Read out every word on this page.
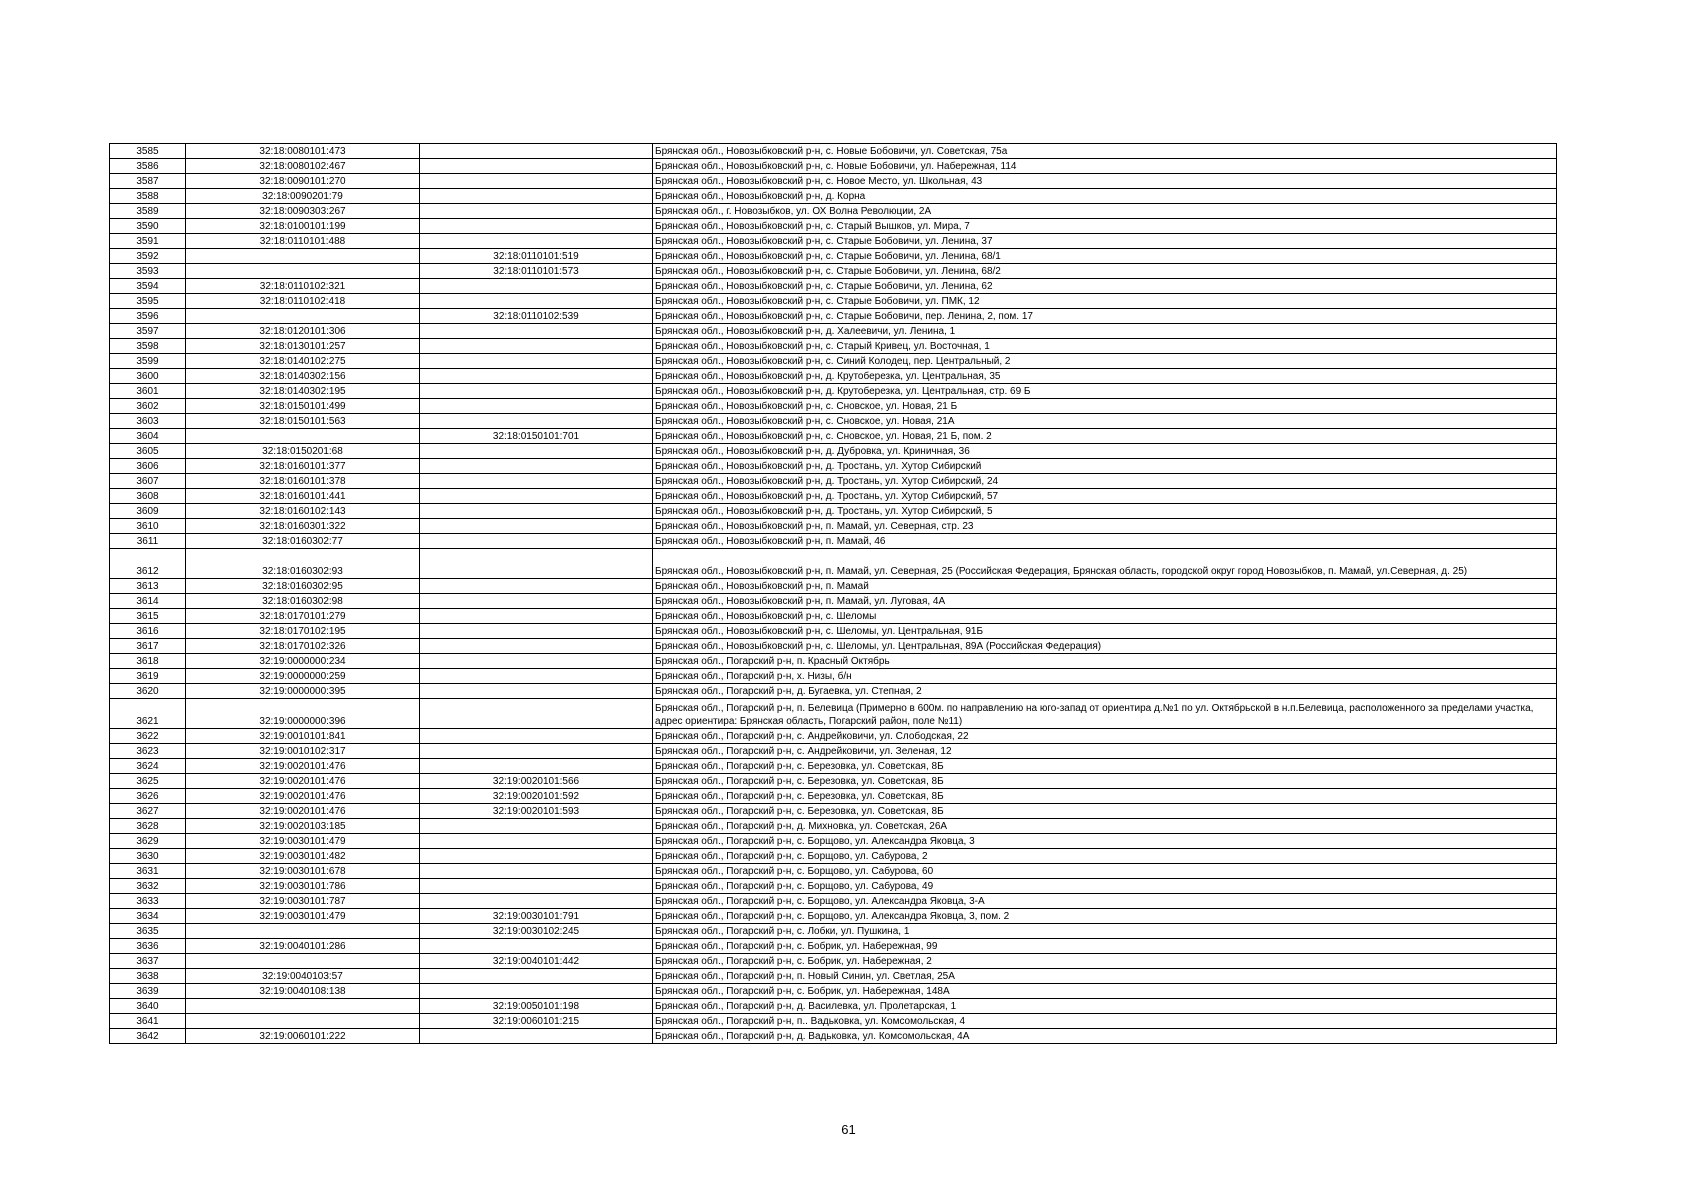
3585	32:18:0080101:473		Брянская обл., Новозыбковский р-н, с. Новые Бобовичи, ул. Советская, 75а
3586	32:18:0080102:467		Брянская обл., Новозыбковский р-н, с. Новые Бобовичи, ул. Набережная, 114
3587	32:18:0090101:270		Брянская обл., Новозыбковский р-н, с. Новое Место, ул. Школьная, 43
3588	32:18:0090201:79		Брянская обл., Новозыбковский р-н, д. Корна
3589	32:18:0090303:267		Брянская обл., г. Новозыбков, ул. ОХ Волна Революции, 2А
3590	32:18:0100101:199		Брянская обл., Новозыбковский р-н, с. Старый Вышков, ул. Мира, 7
3591	32:18:0110101:488		Брянская обл., Новозыбковский р-н, с. Старые Бобовичи, ул. Ленина, 37
3592		32:18:0110101:519	Брянская обл., Новозыбковский р-н, с. Старые Бобовичи, ул. Ленина, 68/1
3593		32:18:0110101:573	Брянская обл., Новозыбковский р-н, с. Старые Бобовичи, ул. Ленина, 68/2
3594	32:18:0110102:321		Брянская обл., Новозыбковский р-н, с. Старые Бобовичи, ул. Ленина, 62
3595	32:18:0110102:418		Брянская обл., Новозыбковский р-н, с. Старые Бобовичи, ул. ПМК, 12
3596		32:18:0110102:539	Брянская обл., Новозыбковский р-н, с. Старые Бобовичи, пер. Ленина, 2, пом. 17
3597	32:18:0120101:306		Брянская обл., Новозыбковский р-н, д. Халеевичи, ул. Ленина, 1
3598	32:18:0130101:257		Брянская обл., Новозыбковский р-н, с. Старый Кривец, ул. Восточная, 1
3599	32:18:0140102:275		Брянская обл., Новозыбковский р-н, с. Синий Колодец, пер. Центральный, 2
3600	32:18:0140302:156		Брянская обл., Новозыбковский р-н, д. Крутоберезка, ул. Центральная, 35
3601	32:18:0140302:195		Брянская обл., Новозыбковский р-н, д. Крутоберезка, ул. Центральная, стр. 69 Б
3602	32:18:0150101:499		Брянская обл., Новозыбковский р-н, с. Сновское, ул. Новая, 21 Б
3603	32:18:0150101:563		Брянская обл., Новозыбковский р-н, с. Сновское, ул. Новая, 21А
3604		32:18:0150101:701	Брянская обл., Новозыбковский р-н, с. Сновское, ул. Новая, 21 Б, пом. 2
3605	32:18:0150201:68		Брянская обл., Новозыбковский р-н, д. Дубровка, ул. Криничная, 36
3606	32:18:0160101:377		Брянская обл., Новозыбковский р-н, д. Тростань, ул. Хутор Сибирский
3607	32:18:0160101:378		Брянская обл., Новозыбковский р-н, д. Тростань, ул. Хутор Сибирский, 24
3608	32:18:0160101:441		Брянская обл., Новозыбковский р-н, д. Тростань, ул. Хутор Сибирский, 57
3609	32:18:0160102:143		Брянская обл., Новозыбковский р-н, д. Тростань, ул. Хутор Сибирский, 5
3610	32:18:0160301:322		Брянская обл., Новозыбковский р-н, п. Мамай, ул. Северная, стр. 23
3611	32:18:0160302:77		Брянская обл., Новозыбковский р-н, п. Мамай, 46
3612	32:18:0160302:93		Брянская обл., Новозыбковский р-н, п. Мамай, ул. Северная, 25 (Российская Федерация, Брянская область, городской округ город Новозыбков, п. Мамай, ул.Северная, д. 25)
3613	32:18:0160302:95		Брянская обл., Новозыбковский р-н, п. Мамай
3614	32:18:0160302:98		Брянская обл., Новозыбковский р-н, п. Мамай, ул. Луговая, 4А
3615	32:18:0170101:279		Брянская обл., Новозыбковский р-н, с. Шеломы
3616	32:18:0170102:195		Брянская обл., Новозыбковский р-н, с. Шеломы, ул. Центральная, 91Б
3617	32:18:0170102:326		Брянская обл., Новозыбковский р-н, с. Шеломы, ул. Центральная, 89А (Российская Федерация)
3618	32:19:0000000:234		Брянская обл., Погарский р-н, п. Красный Октябрь
3619	32:19:0000000:259		Брянская обл., Погарский р-н, х. Низы, б/н
3620	32:19:0000000:395		Брянская обл., Погарский р-н, д. Бугаевка, ул. Степная, 2
3621	32:19:0000000:396		Брянская обл., Погарский р-н, п. Белевица (Примерно в 600м. по направлению на юго-запад от ориентира д.№1 по ул. Октябрьской в н.п.Белевица, расположенного за пределами участка, адрес ориентира: Брянская область, Погарский район, поле №11)
3622	32:19:0010101:841		Брянская обл., Погарский р-н, с. Андрейковичи, ул. Слободская, 22
3623	32:19:0010102:317		Брянская обл., Погарский р-н, с. Андрейковичи, ул. Зеленая, 12
3624	32:19:0020101:476		Брянская обл., Погарский р-н, с. Березовка, ул. Советская, 8Б
3625	32:19:0020101:476	32:19:0020101:566	Брянская обл., Погарский р-н, с. Березовка, ул. Советская, 8Б
3626	32:19:0020101:476	32:19:0020101:592	Брянская обл., Погарский р-н, с. Березовка, ул. Советская, 8Б
3627	32:19:0020101:476	32:19:0020101:593	Брянская обл., Погарский р-н, с. Березовка, ул. Советская, 8Б
3628	32:19:0020103:185		Брянская обл., Погарский р-н, д. Михновка, ул. Советская, 26А
3629	32:19:0030101:479		Брянская обл., Погарский р-н, с. Борщово, ул. Александра Яковца, 3
3630	32:19:0030101:482		Брянская обл., Погарский р-н, с. Борщово, ул. Сабурова, 2
3631	32:19:0030101:678		Брянская обл., Погарский р-н, с. Борщово, ул. Сабурова, 60
3632	32:19:0030101:786		Брянская обл., Погарский р-н, с. Борщово, ул. Сабурова, 49
3633	32:19:0030101:787		Брянская обл., Погарский р-н, с. Борщово, ул. Александра Яковца, 3-А
3634	32:19:0030101:479	32:19:0030101:791	Брянская обл., Погарский р-н, с. Борщово, ул. Александра Яковца, 3, пом. 2
3635		32:19:0030102:245	Брянская обл., Погарский р-н, с. Лобки, ул. Пушкина, 1
3636	32:19:0040101:286		Брянская обл., Погарский р-н, с. Бобрик, ул. Набережная, 99
3637		32:19:0040101:442	Брянская обл., Погарский р-н, с. Бобрик, ул. Набережная, 2
3638	32:19:0040103:57		Брянская обл., Погарский р-н, п. Новый Синин, ул. Светлая, 25А
3639	32:19:0040108:138		Брянская обл., Погарский р-н, с. Бобрик, ул. Набережная, 148А
3640		32:19:0050101:198	Брянская обл., Погарский р-н, д. Василевка, ул. Пролетарская, 1
3641		32:19:0060101:215	Брянская обл., Погарский р-н, п.. Вадьковка, ул. Комсомольская, 4
3642	32:19:0060101:222		Брянская обл., Погарский р-н, д. Вадьковка, ул. Комсомольская, 4А
61
